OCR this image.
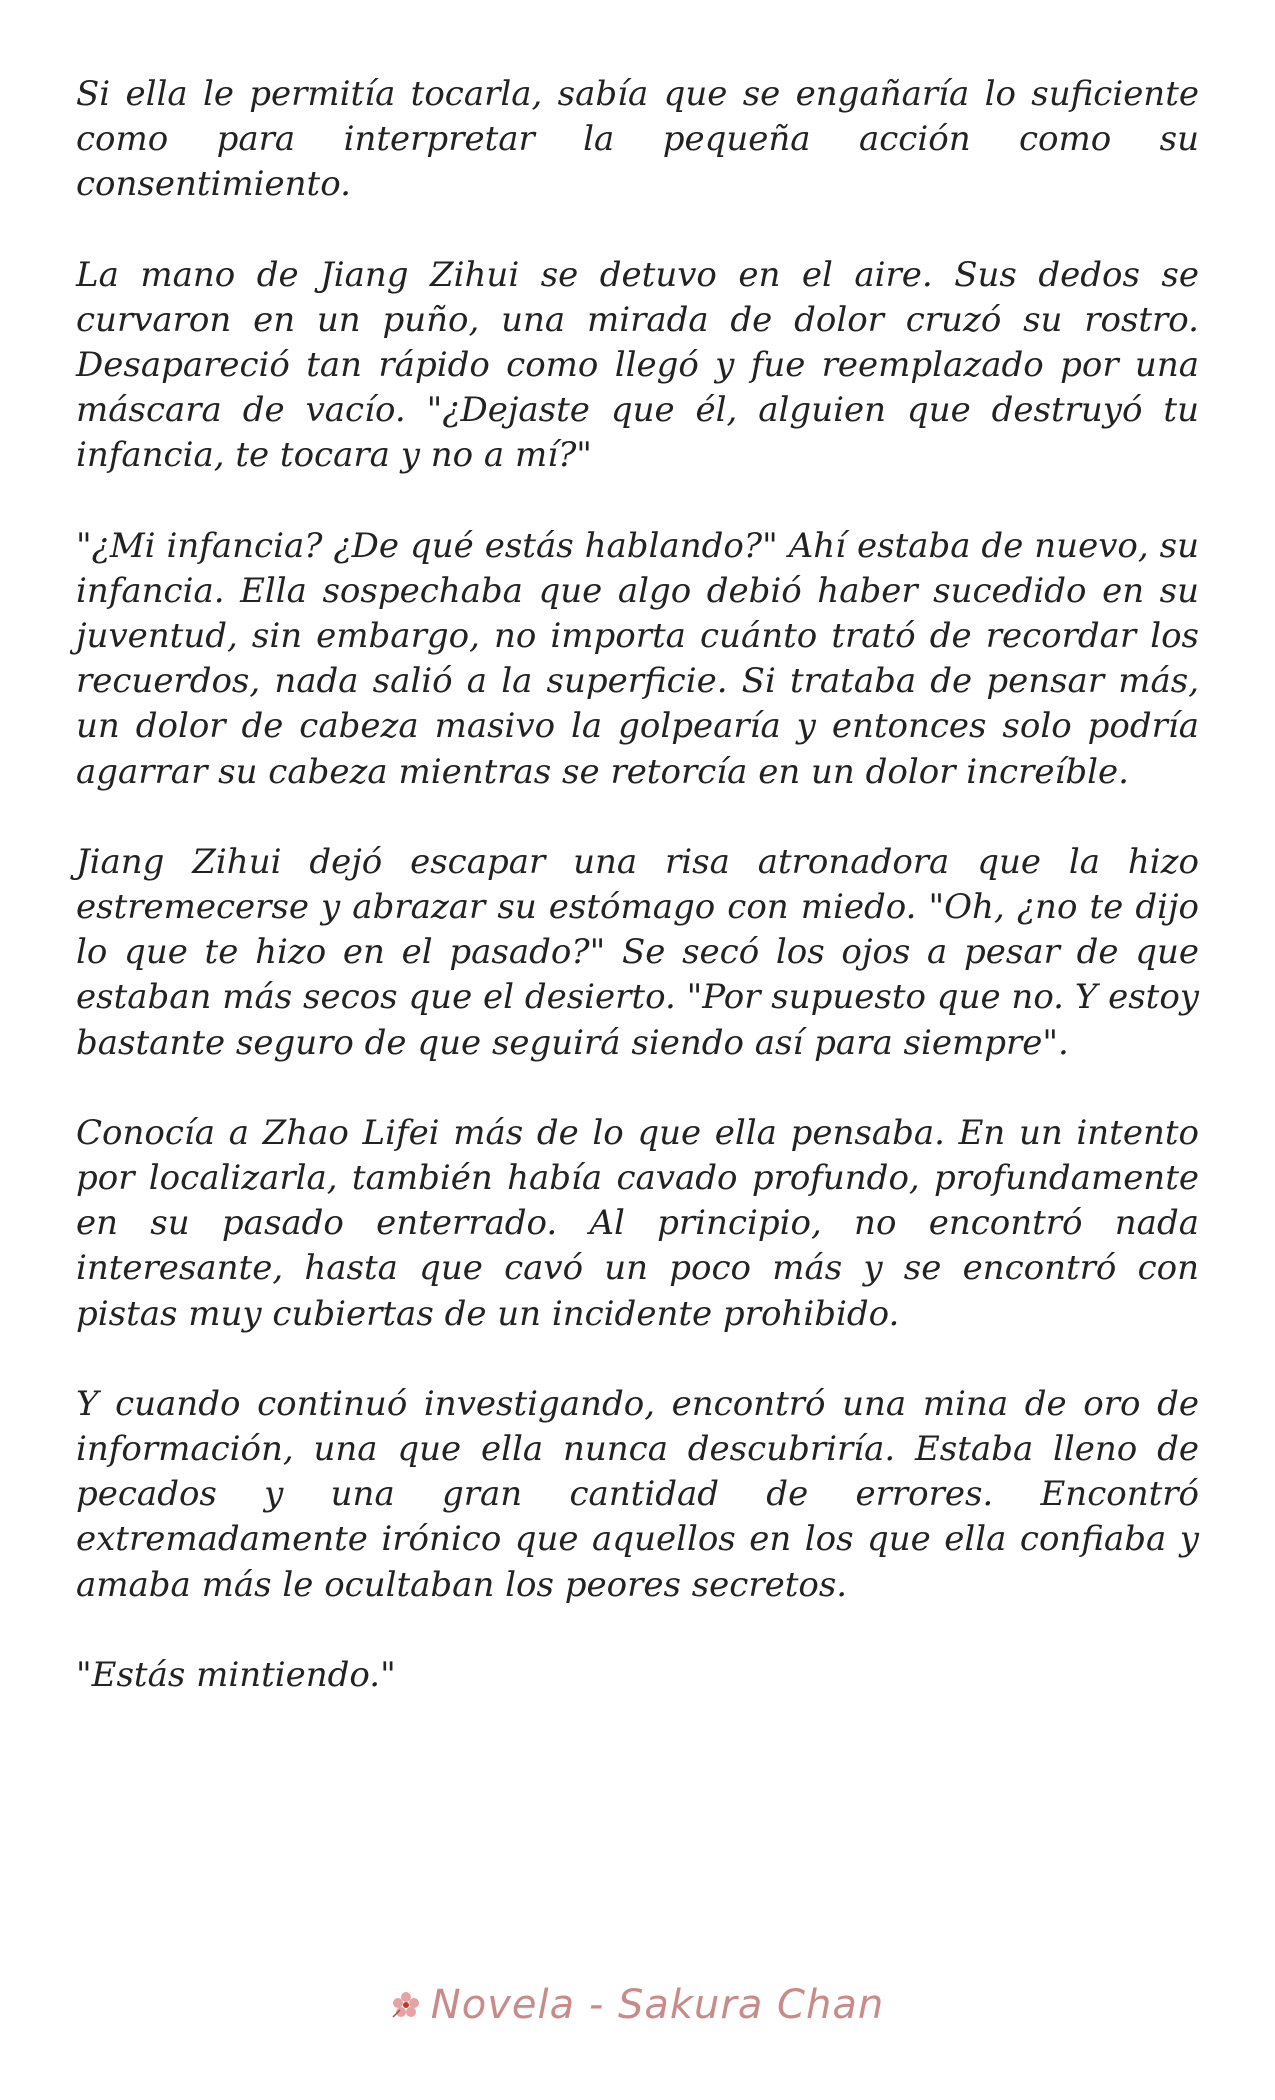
Si ella le permitía tocarla, sabía que se engañaría lo suficiente como para interpretar la pequeña acción como su consentimiento.

La mano de Jiang Zihui se detuvo en el aire. Sus dedos se curvaron en un puño, una mirada de dolor cruzó su rostro. Desapareció tan rápido como llegó y fue reemplazado por una máscara de vacío. "¿Dejaste que él, alguien que destruyó tu infancia, te tocara y no a mí?"

"¿Mi infancia? ¿De qué estás hablando?" Ahí estaba de nuevo, su infancia. Ella sospechaba que algo debió haber sucedido en su juventud, sin embargo, no importa cuánto trató de recordar los recuerdos, nada salió a la superficie. Si trataba de pensar más, un dolor de cabeza masivo la golpearía y entonces solo podría agarrar su cabeza mientras se retorcía en un dolor increíble.

Jiang Zihui dejó escapar una risa atronadora que la hizo estremecerse y abrazar su estómago con miedo. "Oh, ¿no te dijo lo que te hizo en el pasado?" Se secó los ojos a pesar de que estaban más secos que el desierto. "Por supuesto que no. Y estoy bastante seguro de que seguirá siendo así para siempre".

Conocía a Zhao Lifei más de lo que ella pensaba. En un intento por localizarla, también había cavado profundo, profundamente en su pasado enterrado. Al principio, no encontró nada interesante, hasta que cavó un poco más y se encontró con pistas muy cubiertas de un incidente prohibido.

Y cuando continuó investigando, encontró una mina de oro de información, una que ella nunca descubriría. Estaba lleno de pecados y una gran cantidad de errores. Encontró extremadamente irónico que aquellos en los que ella confiaba y amaba más le ocultaban los peores secretos.

"Estás mintiendo."

Novela - Sakura Chan
